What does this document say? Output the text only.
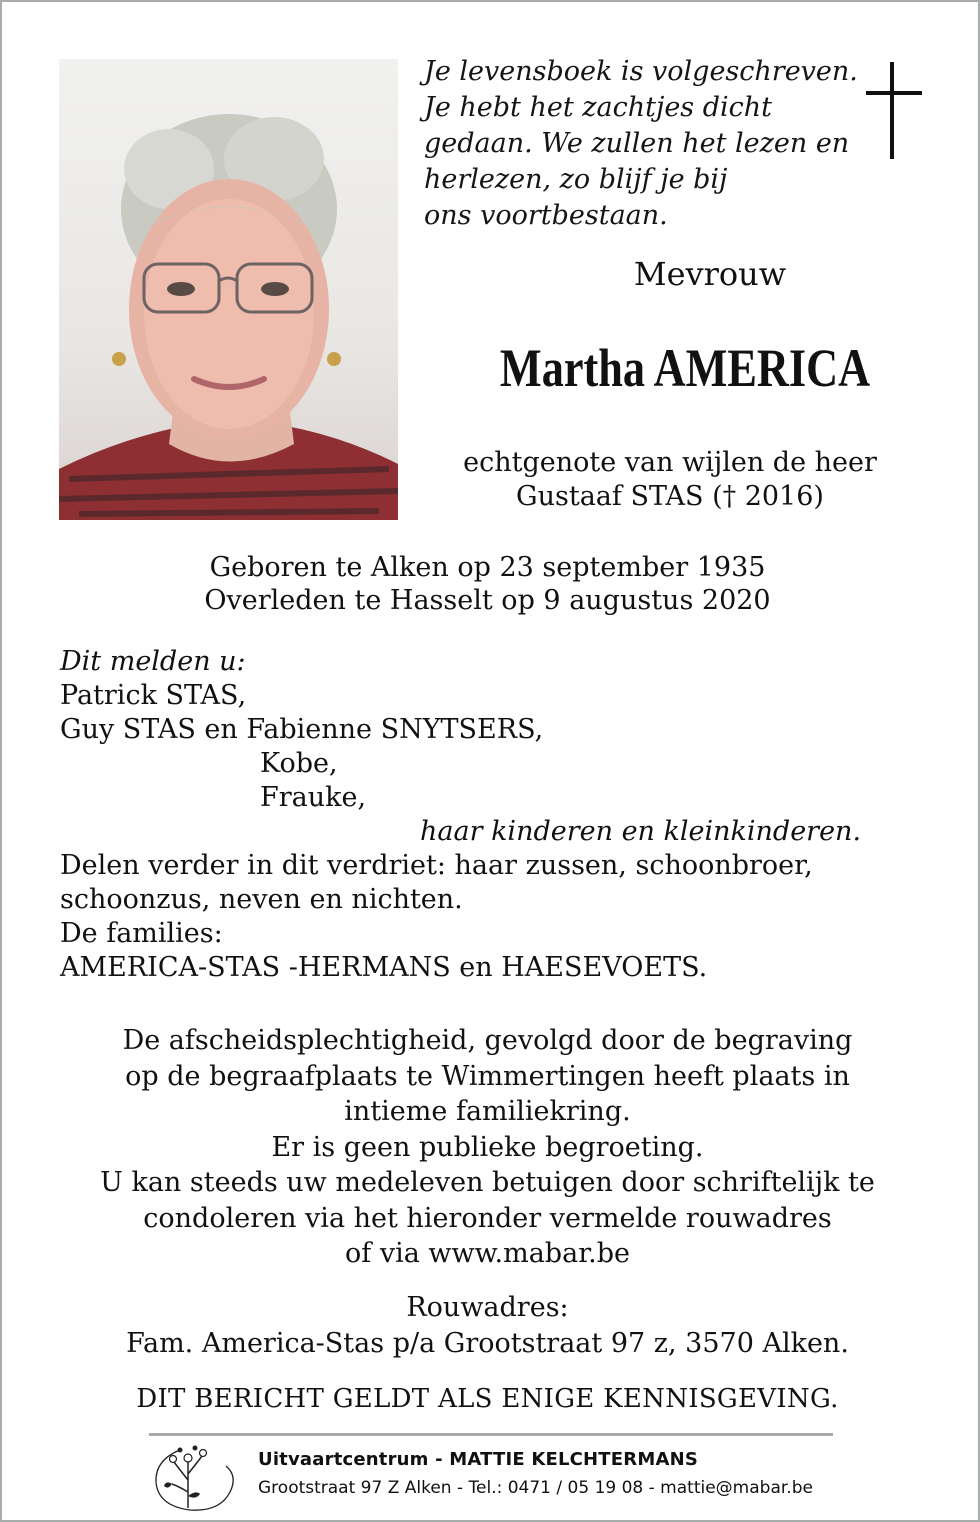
Je levensboek is volgeschreven.
Je hebt het zachtjes dicht
gedaan. We zullen het lezen en
herlezen, zo blijf je bij
ons voortbestaan.
Mevrouw
Martha AMERICA
echtgenote van wijlen de heer
Gustaaf STAS († 2016)
Geboren te Alken op 23 september 1935
Overleden te Hasselt op 9 augustus 2020
Dit melden u:
Patrick STAS,
Guy STAS en Fabienne SNYTSERS,
Kobe,
Frauke,
haar kinderen en kleinkinderen.
Delen verder in dit verdriet: haar zussen, schoonbroer,
schoonzus, neven en nichten.
De families:
AMERICA-STAS -HERMANS en HAESEVOETS.
De afscheidsplechtigheid, gevolgd door de begraving
op de begraafplaats te Wimmertingen heeft plaats in
intieme familiekring.
Er is geen publieke begroeting.
U kan steeds uw medeleven betuigen door schriftelijk te
condoleren via het hieronder vermelde rouwadres
of via www.mabar.be
Rouwadres:
Fam. America-Stas p/a Grootstraat 97 z, 3570 Alken.
DIT BERICHT GELDT ALS ENIGE KENNISGEVING.
Uitvaartcentrum - MATTIE KELCHTERMANS
Grootstraat 97 Z Alken - Tel.: 0471 / 05 19 08 - mattie@mabar.be
